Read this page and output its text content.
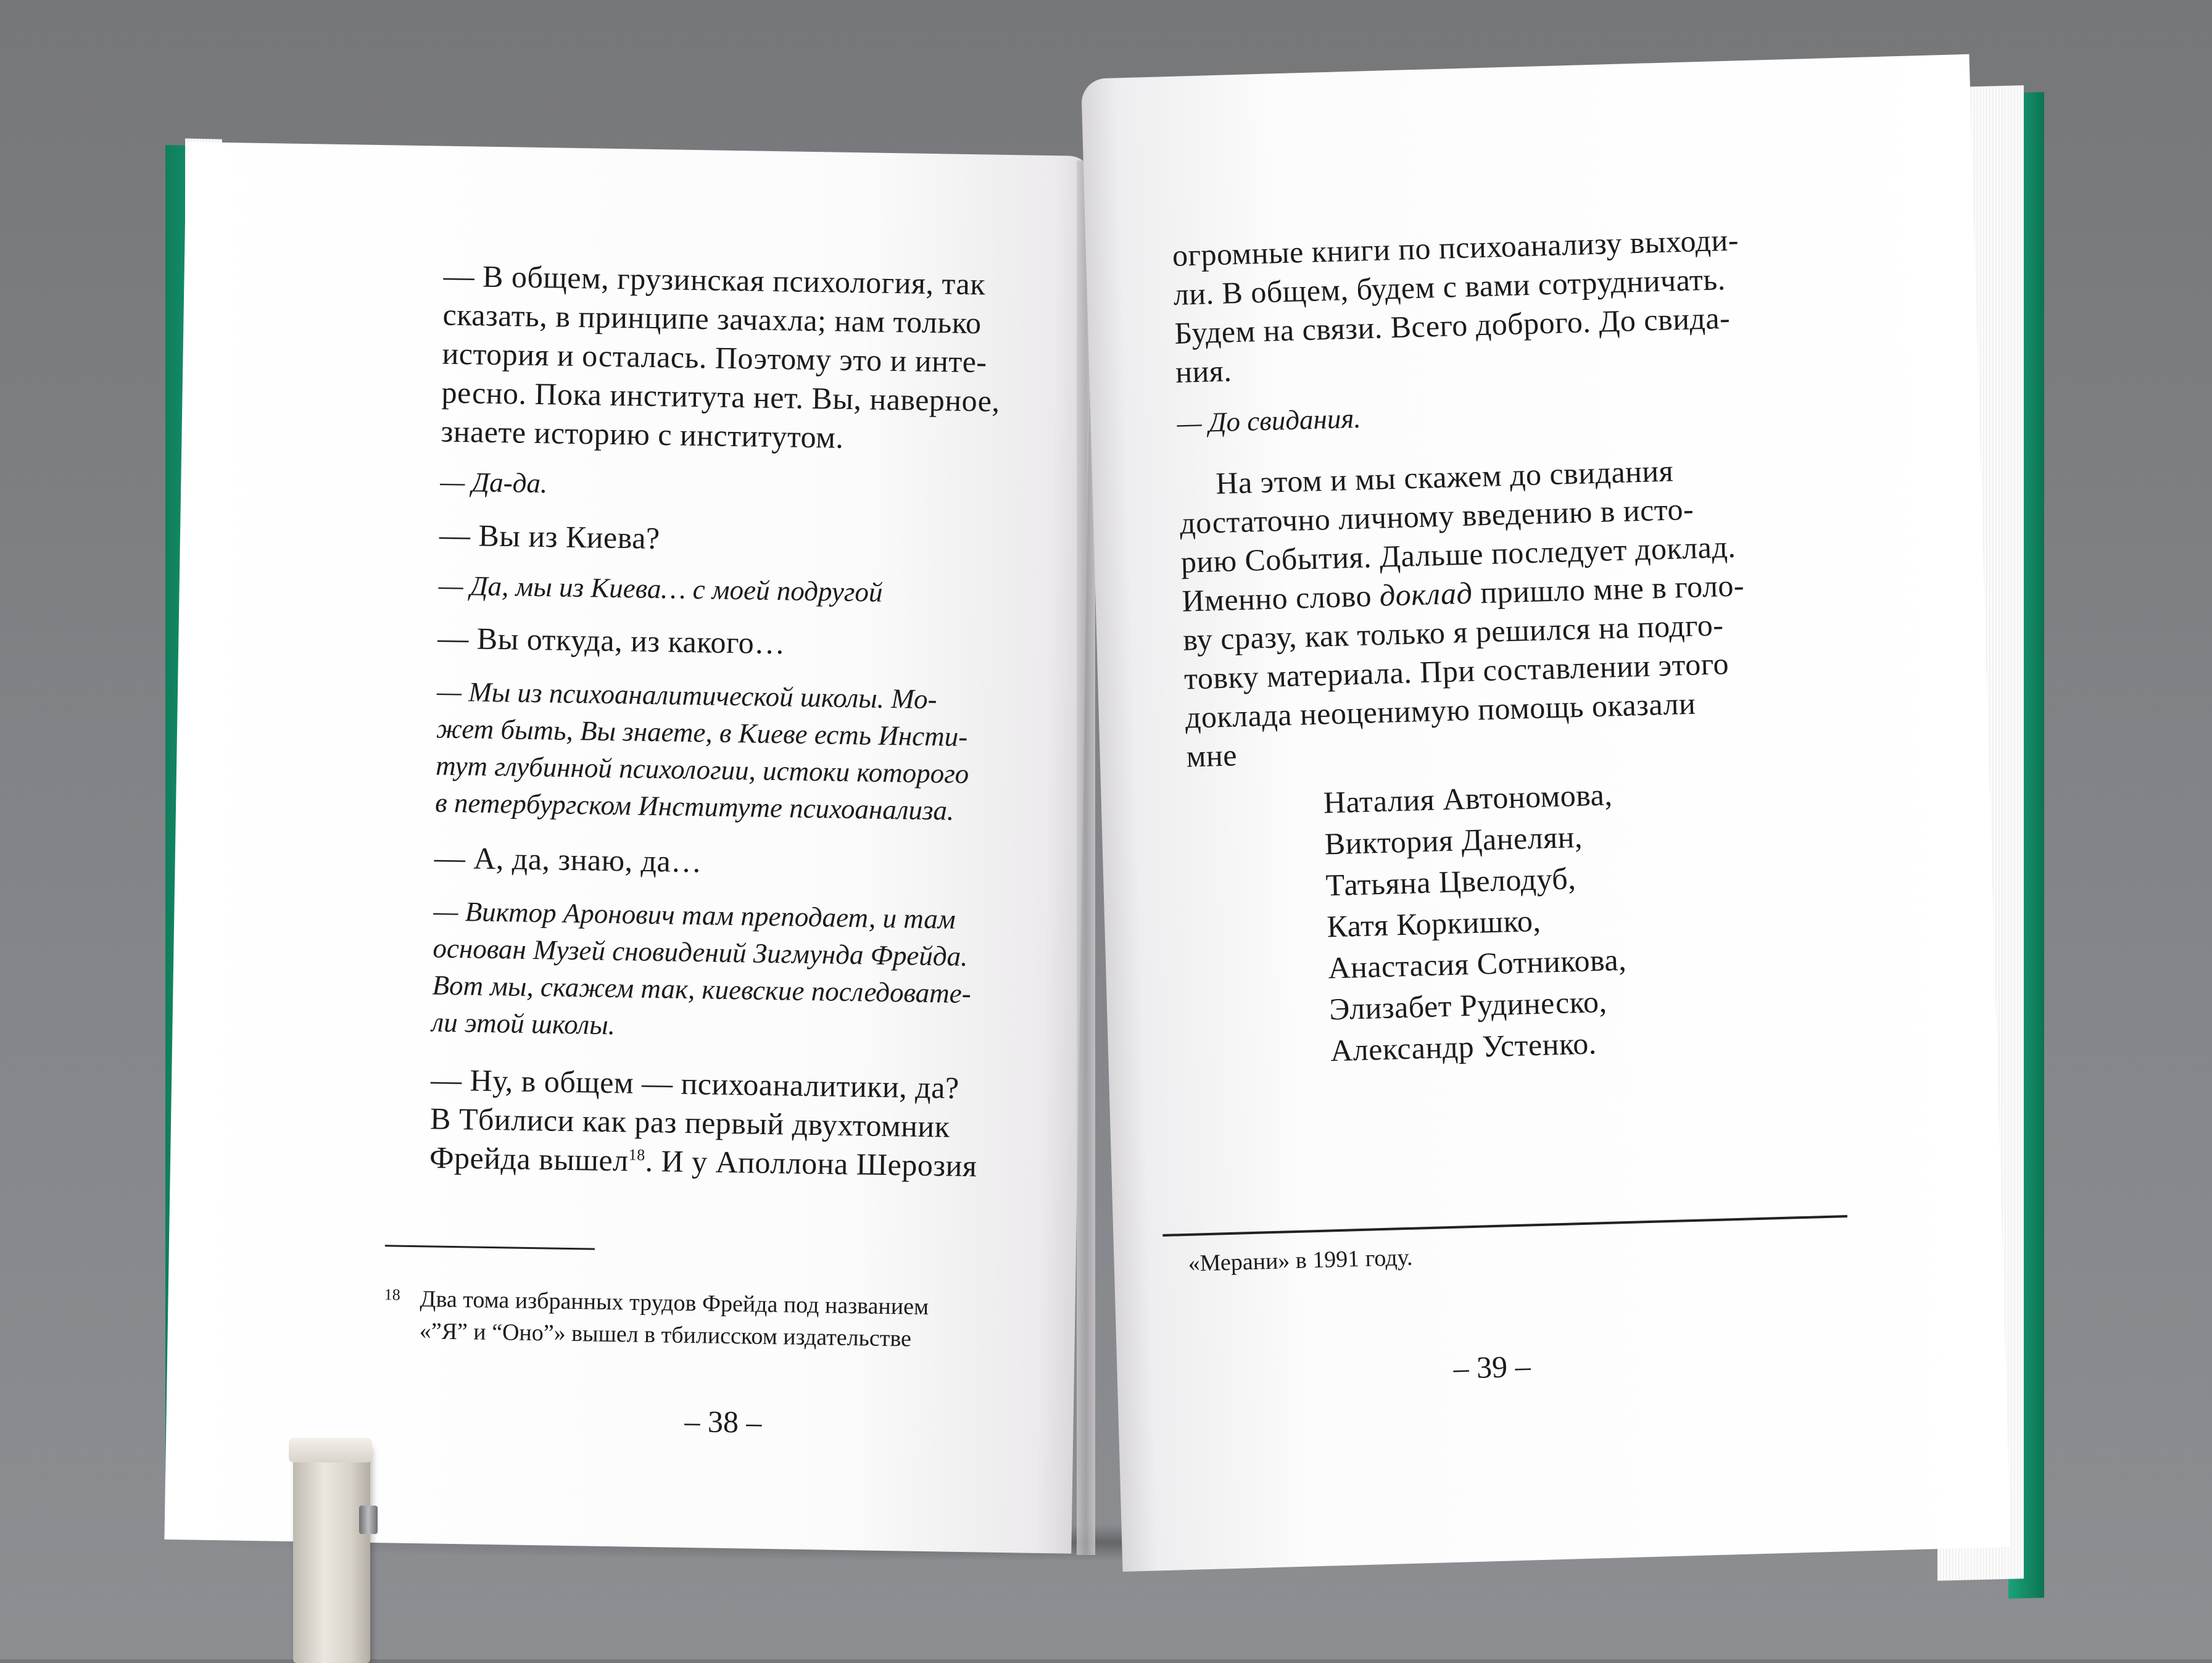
— В общем, грузинская психология, так
сказать, в принципе зачахла; нам только
история и осталась. Поэтому это и инте-
ресно. Пока института нет. Вы, наверное,
знаете историю с институтом.
— Да-да.
— Вы из Киева?
— Да, мы из Киева… с моей подругой
— Вы откуда, из какого…
— Мы из психоаналитической школы. Мо-
жет быть, Вы знаете, в Киеве есть Инсти-
тут глубинной психологии, истоки которого
в петербургском Институте психоанализа.
— А, да, знаю, да…
— Виктор Аронович там преподает, и там
основан Музей сновидений Зигмунда Фрейда.
Вот мы, скажем так, киевские последовате-
ли этой школы.
— Ну, в общем — психоаналитики, да?
В Тбилиси как раз первый двухтомник
Фрейда вышел$^{18}$. И у Аполлона Шерозия
18 Два тома избранных трудов Фрейда под названием
«”Я” и “Оно”» вышел в тбилисском издательстве
– 38 –
огромные книги по психоанализу выходи-
ли. В общем, будем с вами сотрудничать.
Будем на связи. Всего доброго. До свида-
ния.
— До свидания.
На этом и мы скажем до свидания
достаточно личному введению в исто-
рию События. Дальше последует доклад.
Именно слово доклад пришло мне в голо-
ву сразу, как только я решился на подго-
товку материала. При составлении этого
доклада неоценимую помощь оказали
мне
Наталия Автономова,
Виктория Данелян,
Татьяна Цвелодуб,
Катя Коркишко,
Анастасия Сотникова,
Элизабет Рудинеско,
Александр Устенко.
«Мерани» в 1991 году.
– 39 –
